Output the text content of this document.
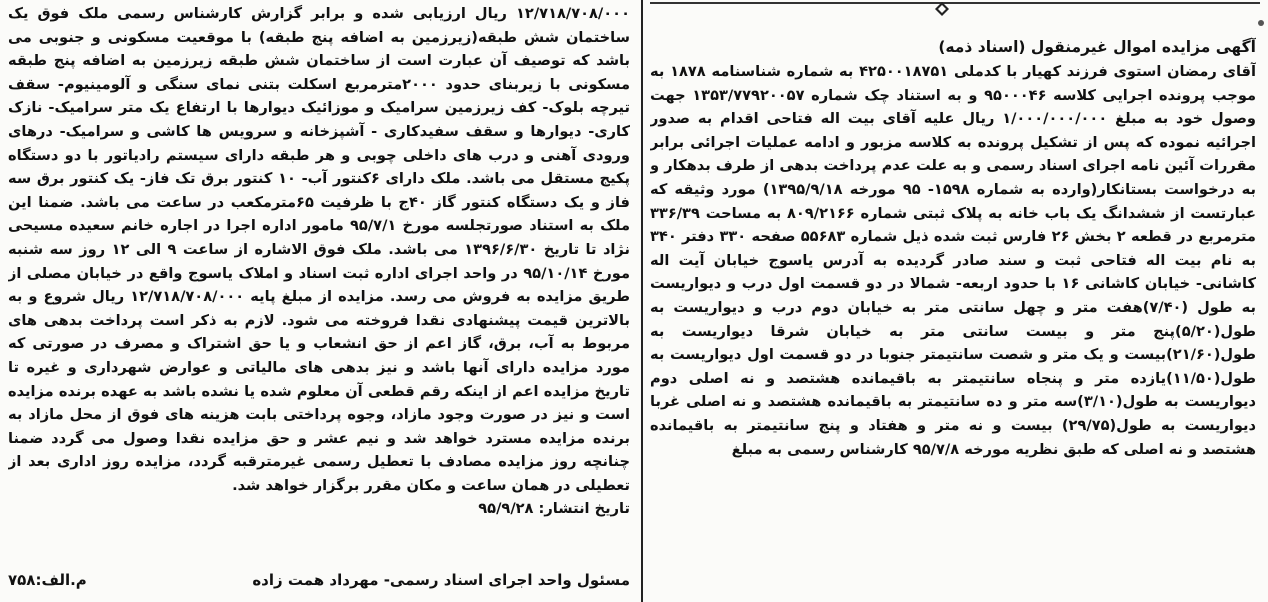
آگهی مزایده اموال غیرمنقول (اسناد ذمه)

آقای رمضان استوی فرزند کهیار با کدملی ۴۲۵۰۰۱۸۷۵۱ به شماره شناسنامه ۱۸۷۸ به موجب پرونده اجرایی کلاسه ۹۵۰۰۰۴۶ و به استناد چک شماره ۱۳۵۳/۷۷۹۲۰۰۵۷ جهت وصول خود به مبلغ ۱/۰۰۰/۰۰۰/۰۰۰ ریال علیه آقای بیت اله فتاحی اقدام به صدور اجرائیه نموده که پس از تشکیل پرونده به کلاسه مزبور و ادامه عملیات اجرائی برابر مقررات آئین نامه اجرای اسناد رسمی و به علت عدم پرداخت بدهی از طرف بدهکار و به درخواست بستانکار(وارده به شماره ۱۵۹۸- ۹۵ مورخه ۱۳۹۵/۹/۱۸) مورد وثیقه که عبارتست از ششدانگ یک باب خانه به پلاک ثبتی شماره ۸۰۹/۲۱۶۶ به مساحت ۳۳۶/۳۹ مترمربع در قطعه ۲ بخش ۲۶ فارس ثبت شده ذیل شماره ۵۵۶۸۳ صفحه ۳۳۰ دفتر ۳۴۰ به نام بیت اله فتاحی ثبت و سند صادر گردیده به آدرس یاسوج خیابان آیت اله کاشانی- خیابان کاشانی ۱۶ با حدود اربعه- شمالا در دو قسمت اول درب و دیواریست به طول (۷/۴۰)هفت متر و چهل سانتی متر به خیابان دوم درب و دیواریست به طول(۵/۲۰)پنج متر و بیست سانتی متر به خیابان شرقا دیواریست به طول(۲۱/۶۰)بیست و یک متر و شصت سانتیمتر جنوبا در دو قسمت اول دیواریست به طول(۱۱/۵۰)یازده متر و پنجاه سانتیمتر به باقیمانده هشتصد و نه اصلی دوم دیواریست به طول(۳/۱۰)سه متر و ده سانتیمتر به باقیمانده هشتصد و نه اصلی غربا دیواریست به طول(۲۹/۷۵) بیست و نه متر و هفتاد و پنج سانتیمتر به باقیمانده هشتصد و نه اصلی که طبق نظریه مورخه ۹۵/۷/۸ کارشناس رسمی به مبلغ

۱۲/۷۱۸/۷۰۸/۰۰۰ ریال ارزیابی شده و برابر گزارش کارشناس رسمی ملک فوق یک ساختمان شش طبقه(زیرزمین به اضافه پنج طبقه) با موقعیت مسکونی و جنوبی می باشد که توصیف آن عبارت است از ساختمان شش طبقه زیرزمین به اضافه پنج طبقه مسکونی با زیربنای حدود ۲۰۰۰مترمربع اسکلت بتنی نمای سنگی و آلومینیوم- سقف تیرچه بلوک- کف زیرزمین سرامیک و موزائیک دیوارها با ارتفاع یک متر سرامیک- نازک کاری- دیوارها و سقف سفیدکاری - آشپزخانه و سرویس ها کاشی و سرامیک- درهای ورودی آهنی و درب های داخلی چوبی و هر طبقه دارای سیستم رادیاتور با دو دستگاه پکیج مستقل می باشد. ملک دارای ۶کنتور آب- ۱۰ کنتور برق تک فاز- یک کنتور برق سه فاز و یک دستگاه کنتور گاز ۴۰ج با ظرفیت ۶۵مترمکعب در ساعت می باشد. ضمنا این ملک به استناد صورتجلسه مورخ ۹۵/۷/۱ مامور اداره اجرا در اجاره خانم سعیده مسیحی نژاد تا تاریخ ۱۳۹۶/۶/۳۰ می باشد. ملک فوق الاشاره از ساعت ۹ الی ۱۲ روز سه شنبه مورخ ۹۵/۱۰/۱۴ در واحد اجرای اداره ثبت اسناد و املاک یاسوج واقع در خیابان مصلی از طریق مزایده به فروش می رسد. مزایده از مبلغ پایه ۱۲/۷۱۸/۷۰۸/۰۰۰ ریال شروع و به بالاترین قیمت پیشنهادی نقدا فروخته می شود. لازم به ذکر است پرداخت بدهی های مربوط به آب، برق، گاز اعم از حق انشعاب و یا حق اشتراک و مصرف در صورتی که مورد مزایده دارای آنها باشد و نیز بدهی های مالیاتی و عوارض شهرداری و غیره تا تاریخ مزایده اعم از اینکه رقم قطعی آن معلوم شده یا نشده باشد به عهده برنده مزایده است و نیز در صورت وجود مازاد، وجوه پرداختی بابت هزینه های فوق از محل مازاد به برنده مزایده مسترد خواهد شد و نیم عشر و حق مزایده نقدا وصول می گردد ضمنا چنانچه روز مزایده مصادف با تعطیل رسمی غیرمترقبه گردد، مزایده روز اداری بعد از تعطیلی در همان ساعت و مکان مقرر برگزار خواهد شد.

تاریخ انتشار: ۹۵/۹/۲۸

مسئول واحد اجرای اسناد رسمی- مهرداد همت زاده
م.الف:۷۵۸
